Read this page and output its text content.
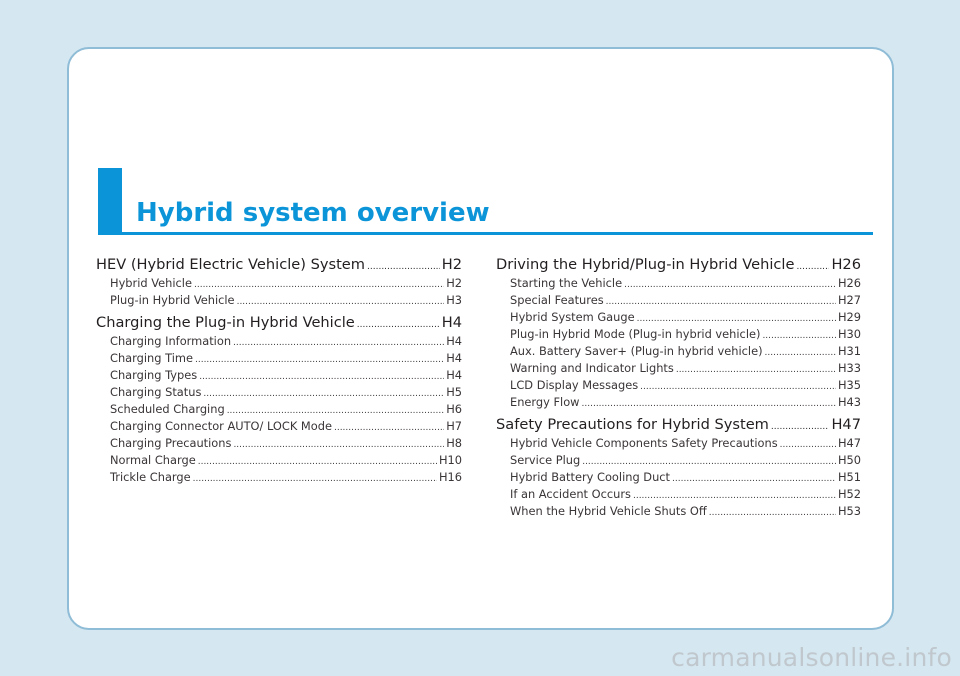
Hybrid system overview
HEV (Hybrid Electric Vehicle) System .....	H2
Hybrid Vehicle .....	H2
Plug-in Hybrid Vehicle .....	H3
Charging the Plug-in Hybrid Vehicle .....	H4
Charging Information .....	H4
Charging Time .....	H4
Charging Types .....	H4
Charging Status .....	H5
Scheduled Charging .....	H6
Charging Connector AUTO/ LOCK Mode .....	H7
Charging Precautions .....	H8
Normal Charge .....	H10
Trickle Charge .....	H16
Driving the Hybrid/Plug-in Hybrid Vehicle .....	H26
Starting the Vehicle .....	H26
Special Features .....	H27
Hybrid System Gauge .....	H29
Plug-in Hybrid Mode (Plug-in hybrid vehicle) .....	H30
Aux. Battery Saver+ (Plug-in hybrid vehicle) .....	H31
Warning and Indicator Lights .....	H33
LCD Display Messages .....	H35
Energy Flow .....	H43
Safety Precautions for Hybrid System .....	H47
Hybrid Vehicle Components Safety Precautions .....	H47
Service Plug .....	H50
Hybrid Battery Cooling Duct .....	H51
If an Accident Occurs .....	H52
When the Hybrid Vehicle Shuts Off .....	H53
carmanualsonline.info
